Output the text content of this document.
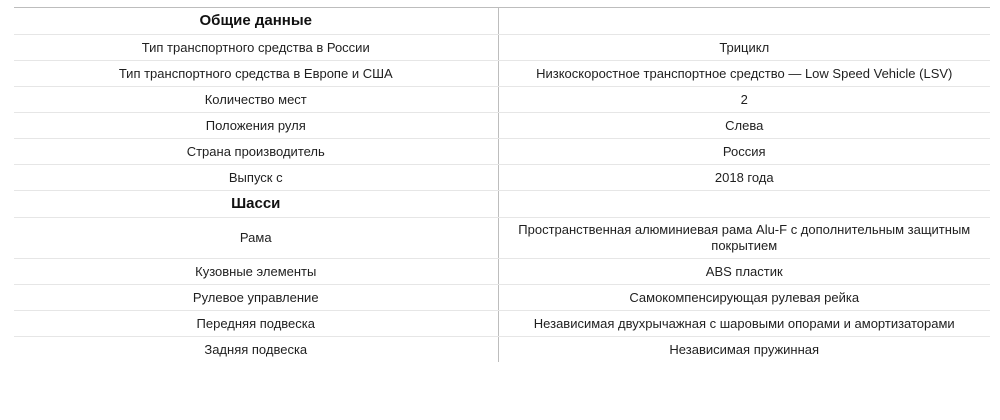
Общие данные	
Тип транспортного средства в России	Трицикл
Тип транспортного средства в Европе и США	Низкоскоростное транспортное средство — Low Speed Vehicle (LSV)
Количество мест	2
Положения руля	Слева
Страна производитель	Россия
Выпуск с	2018 года
Шасси	
Рама	Пространственная алюминиевая рама Alu-F с дополнительным защитным покрытием
Кузовные элементы	ABS пластик
Рулевое управление	Самокомпенсирующая рулевая рейка
Передняя подвеска	Независимая двухрычажная с шаровыми опорами и амортизаторами
Задняя подвеска	Независимая пружинная
